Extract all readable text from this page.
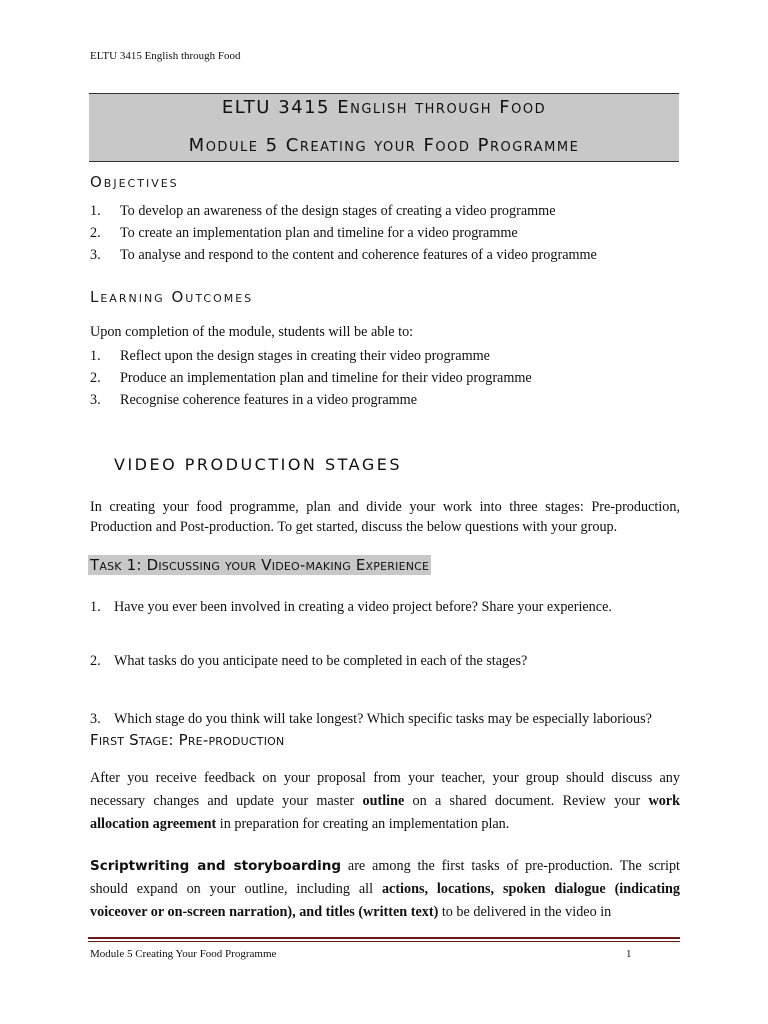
ELTU 3415 English through Food
ELTU 3415 English through Food
Module 5 Creating your Food Programme
Objectives
1.	To develop an awareness of the design stages of creating a video programme
2.	To create an implementation plan and timeline for a video programme
3.	To analyse and respond to the content and coherence features of a video programme
Learning Outcomes

Upon completion of the module, students will be able to:

1.	Reflect upon the design stages in creating their video programme
2.	Produce an implementation plan and timeline for their video programme
3.	Recognise coherence features in a video programme
VIDEO PRODUCTION STAGES

In creating your food programme, plan and divide your work into three stages: Pre-production, Production and Post-production. To get started, discuss the below questions with your group.

Task 1: Discussing your Video-making Experience
1. Have you ever been involved in creating a video project before? Share your experience.
2. What tasks do you anticipate need to be completed in each of the stages?
3. Which stage do you think will take longest? Which specific tasks may be especially laborious?
First Stage: Pre-production

After you receive feedback on your proposal from your teacher, your group should discuss any necessary changes and update your master outline on a shared document. Review your work allocation agreement in preparation for creating an implementation plan.

Scriptwriting and storyboarding are among the first tasks of pre-production. The script should expand on your outline, including all actions, locations, spoken dialogue (indicating voiceover or on-screen narration), and titles (written text) to be delivered in the video in

Module 5 Creating Your Food Programme	1
